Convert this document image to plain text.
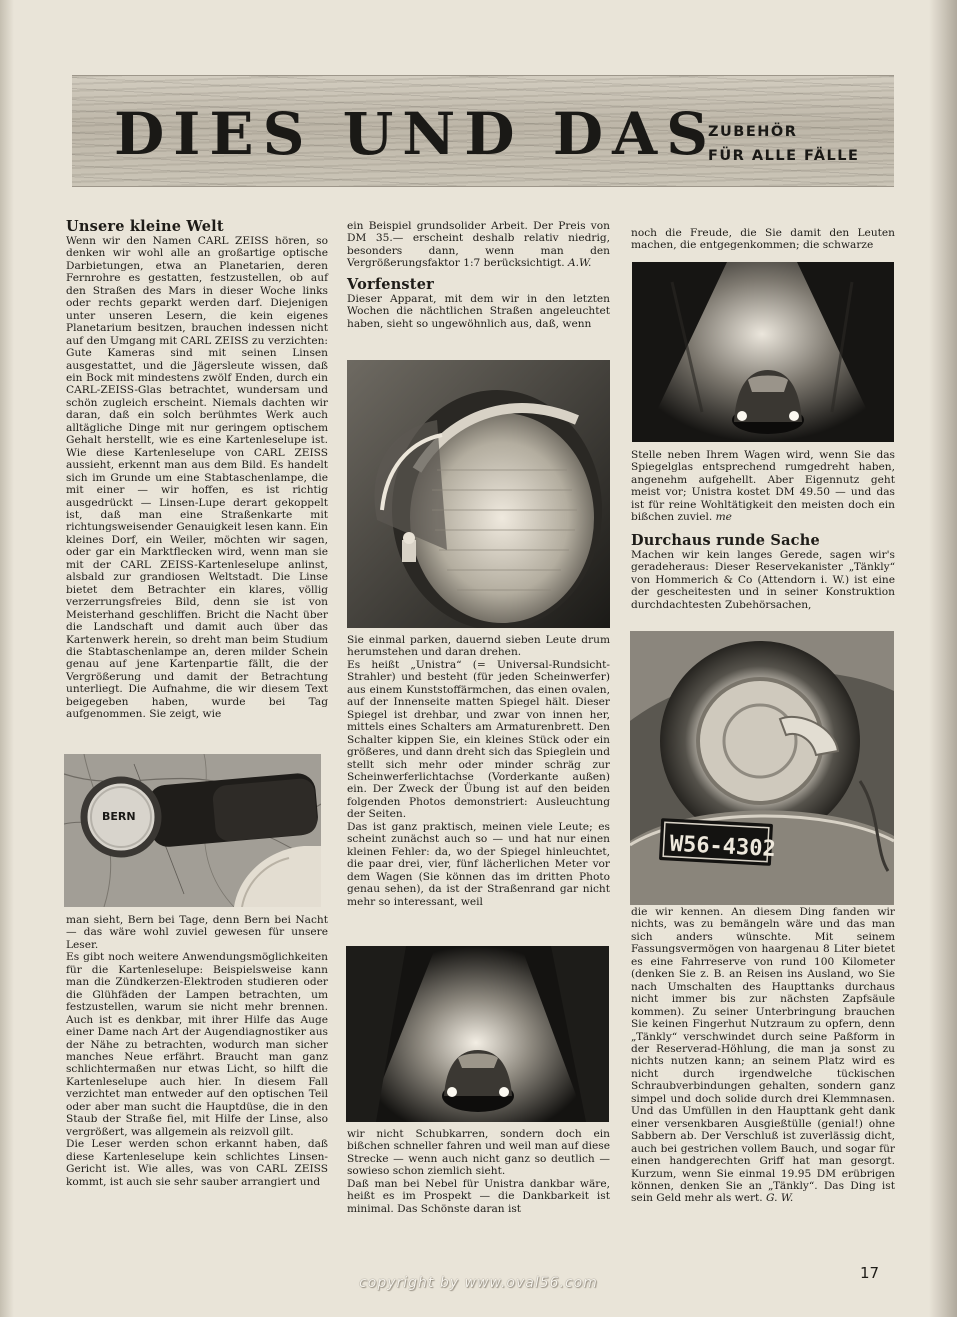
DIES UND DAS
ZUBEHÖR
FÜR ALLE FÄLLE
Unsere kleine Welt

Wenn wir den Namen CARL ZEISS hören, so denken wir wohl alle an großartige optische Darbietungen, etwa an Planetarien, deren Fernrohre es gestatten, festzustellen, ob auf den Straßen des Mars in dieser Woche links oder rechts geparkt werden darf. Diejenigen unter unseren Lesern, die kein eigenes Planetarium besitzen, brauchen indessen nicht auf den Umgang mit CARL ZEISS zu verzichten: Gute Kameras sind mit seinen Linsen ausgestattet, und die Jägersleute wissen, daß ein Bock mit mindestens zwölf Enden, durch ein CARL-ZEISS-Glas betrachtet, wundersam und schön zugleich erscheint. Niemals dachten wir daran, daß ein solch berühmtes Werk auch alltägliche Dinge mit nur geringem optischem Gehalt herstellt, wie es eine Kartenleselupe ist. Wie diese Kartenleselupe von CARL ZEISS aussieht, erkennt man aus dem Bild. Es handelt sich im Grunde um eine Stabtaschenlampe, die mit einer — wir hoffen, es ist richtig ausgedrückt — Linsen-Lupe derart gekoppelt ist, daß man eine Straßenkarte mit richtungsweisender Genauigkeit lesen kann. Ein kleines Dorf, ein Weiler, möchten wir sagen, oder gar ein Marktflecken wird, wenn man sie mit der CARL ZEISS-Kartenleselupe anlinst, alsbald zur grandiosen Weltstadt. Die Linse bietet dem Betrachter ein klares, völlig verzerrungsfreies Bild, denn sie ist von Meisterhand geschliffen. Bricht die Nacht über die Landschaft und damit auch über das Kartenwerk herein, so dreht man beim Studium die Stabtaschenlampe an, deren milder Schein genau auf jene Kartenpartie fällt, die der Vergrößerung und damit der Betrachtung unterliegt. Die Aufnahme, die wir diesem Text beigegeben haben, wurde bei Tag aufgenommen. Sie zeigt, wie

BERN

man sieht, Bern bei Tage, denn Bern bei Nacht — das wäre wohl zuviel gewesen für unsere Leser.

Es gibt noch weitere Anwendungsmöglichkeiten für die Kartenleselupe: Beispielsweise kann man die Zündkerzen-Elektroden studieren oder die Glühfäden der Lampen betrachten, um festzustellen, warum sie nicht mehr brennen. Auch ist es denkbar, mit ihrer Hilfe das Auge einer Dame nach Art der Augendiagnostiker aus der Nähe zu betrachten, wodurch man sicher manches Neue erfährt. Braucht man ganz schlichtermaßen nur etwas Licht, so hilft die Kartenleselupe auch hier. In diesem Fall verzichtet man entweder auf den optischen Teil oder aber man sucht die Hauptdüse, die in den Staub der Straße fiel, mit Hilfe der Linse, also vergrößert, was allgemein als reizvoll gilt.

Die Leser werden schon erkannt haben, daß diese Kartenleselupe kein schlichtes Linsen-Gericht ist. Wie alles, was von CARL ZEISS kommt, ist auch sie sehr sauber arrangiert und

ein Beispiel grundsolider Arbeit. Der Preis von DM 35.— erscheint deshalb relativ niedrig, besonders dann, wenn man den Vergrößerungsfaktor 1:7 berücksichtigt. A.W.

Vorfenster

Dieser Apparat, mit dem wir in den letzten Wochen die nächtlichen Straßen angeleuchtet haben, sieht so ungewöhnlich aus, daß, wenn

Sie einmal parken, dauernd sieben Leute drum herumstehen und daran drehen.

Es heißt „Unistra“ (= Universal-Rundsicht-Strahler) und besteht (für jeden Scheinwerfer) aus einem Kunststoffärmchen, das einen ovalen, auf der Innenseite matten Spiegel hält. Dieser Spiegel ist drehbar, und zwar von innen her, mittels eines Schalters am Armaturenbrett. Den Schalter kippen Sie, ein kleines Stück oder ein größeres, und dann dreht sich das Spieglein und stellt sich mehr oder minder schräg zur Scheinwerferlichtachse (Vorderkante außen) ein. Der Zweck der Übung ist auf den beiden folgenden Photos demonstriert: Ausleuchtung der Seiten.

Das ist ganz praktisch, meinen viele Leute; es scheint zunächst auch so — und hat nur einen kleinen Fehler: da, wo der Spiegel hinleuchtet, die paar drei, vier, fünf lächerlichen Meter vor dem Wagen (Sie können das im dritten Photo genau sehen), da ist der Straßenrand gar nicht mehr so interessant, weil

wir nicht Schubkarren, sondern doch ein bißchen schneller fahren und weil man auf diese Strecke — wenn auch nicht ganz so deutlich — sowieso schon ziemlich sieht.

Daß man bei Nebel für Unistra dankbar wäre, heißt es im Prospekt — die Dankbarkeit ist minimal. Das Schönste daran ist

noch die Freude, die Sie damit den Leuten machen, die entgegenkommen; die schwarze

Stelle neben Ihrem Wagen wird, wenn Sie das Spiegelglas entsprechend rumgedreht haben, angenehm aufgehellt. Aber Eigennutz geht meist vor; Unistra kostet DM 49.50 — und das ist für reine Wohltätigkeit den meisten doch ein bißchen zuviel. me

Durchaus runde Sache

Machen wir kein langes Gerede, sagen wir's geradeheraus: Dieser Reservekanister „Tänkly“ von Hommerich & Co (Attendorn i. W.) ist eine der gescheitesten und in seiner Konstruktion durchdachtesten Zubehörsachen,

W56-4302

die wir kennen. An diesem Ding fanden wir nichts, was zu bemängeln wäre und das man sich anders wünschte. Mit seinem Fassungsvermögen von haargenau 8 Liter bietet es eine Fahrreserve von rund 100 Kilometer (denken Sie z. B. an Reisen ins Ausland, wo Sie nach Umschalten des Haupttanks durchaus nicht immer bis zur nächsten Zapfsäule kommen). Zu seiner Unterbringung brauchen Sie keinen Fingerhut Nutzraum zu opfern, denn „Tänkly“ verschwindet durch seine Paßform in der Reserverad-Höhlung, die man ja sonst zu nichts nutzen kann; an seinem Platz wird es nicht durch irgendwelche tückischen Schraubverbindungen gehalten, sondern ganz simpel und doch solide durch drei Klemmnasen. Und das Umfüllen in den Haupttank geht dank einer versenkbaren Ausgießtülle (genial!) ohne Sabbern ab. Der Verschluß ist zuverlässig dicht, auch bei gestrichen vollem Bauch, und sogar für einen handgerechten Griff hat man gesorgt. Kurzum, wenn Sie einmal 19.95 DM erübrigen können, denken Sie an „Tänkly“. Das Ding ist sein Geld mehr als wert. G. W.

copyright by www.oval56.com
17
